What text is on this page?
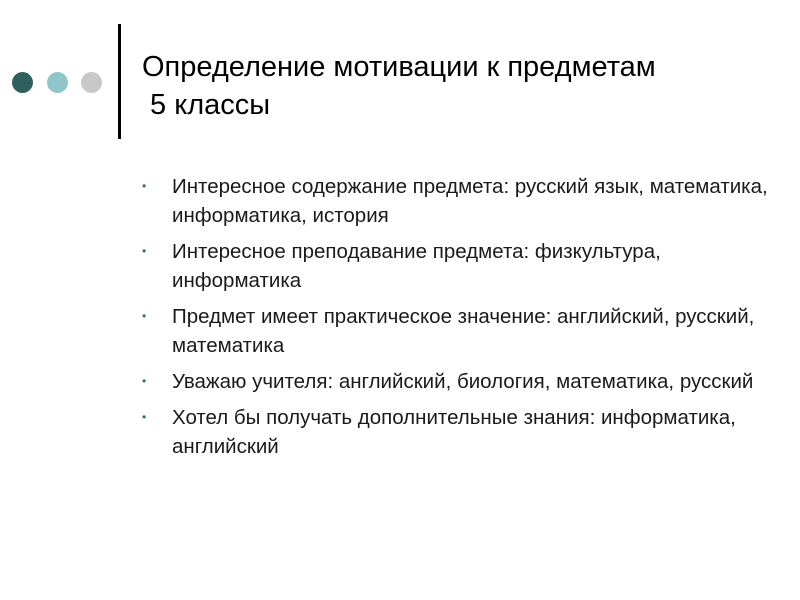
Определение мотивации к предметам
5 классы
• Интересное содержание предмета: русский язык, математика, информатика, история
• Интересное преподавание предмета: физкультура, информатика
• Предмет имеет практическое значение: английский, русский, математика
• Уважаю учителя: английский, биология, математика, русский
• Хотел бы получать дополнительные знания: информатика, английский
